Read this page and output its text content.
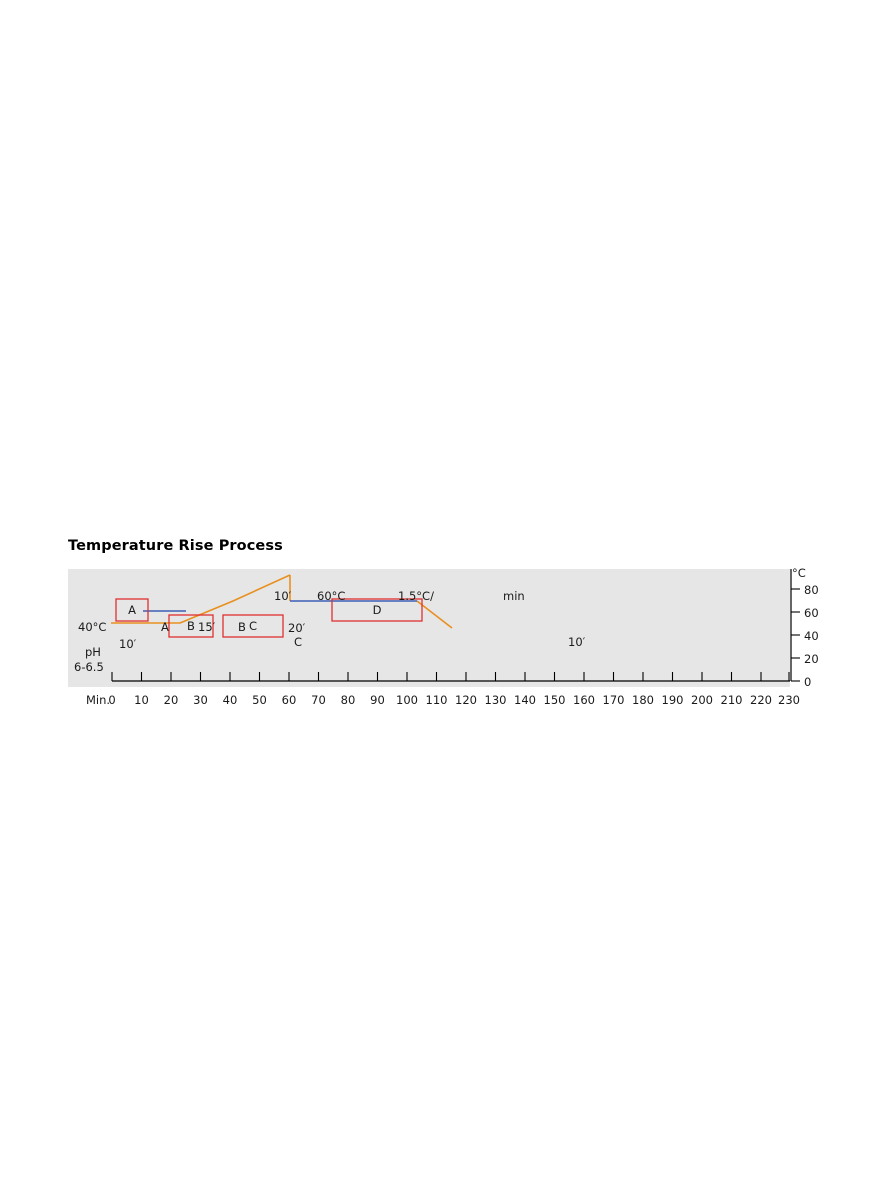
Temperature Rise Process
40°C
pH
6-6.5
10′
A
A	B 15′ B C
10′
20′
C
60°C	1.5°C/
D
min
10′
°C
0
20
40
60
80
Min.
0	10	20	30	40	50	60	70	80	90 100 110 120 130 140 150 160 170 180 190 200 210 220 230
